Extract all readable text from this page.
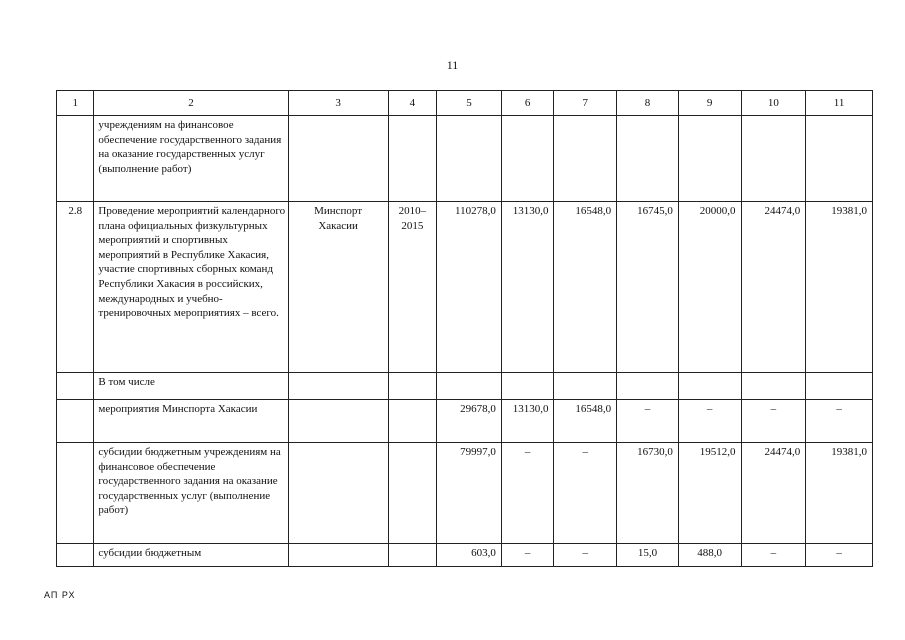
11
1	2	3	4	5	6	7	8	9	10	11

	учреждениям на финансовое обеспечение государственного задания на оказание государственных услуг (выполнение работ)									

2.8	Проведение мероприятий календарного плана официальных физкультурных мероприятий и спортивных мероприятий в Республике Хакасия, участие спортивных сборных команд Республики Хакасия в российских, международных и учебно-тренировочных мероприятиях – всего.	Минспорт Хакасии	2010–2015	110278,0	13130,0	16548,0	16745,0	20000,0	24474,0	19381,0

	В том числе									

	мероприятия Минспорта Хакасии			29678,0	13130,0	16548,0	–	–	–	–

	субсидии бюджетным учреждениям на финансовое обеспечение государственного задания на оказание государственных услуг (выполнение работ)			79997,0	–	–	16730,0	19512,0	24474,0	19381,0

	субсидии бюджетным			603,0	–	–	15,0	488,0	–	–
АП РХ
